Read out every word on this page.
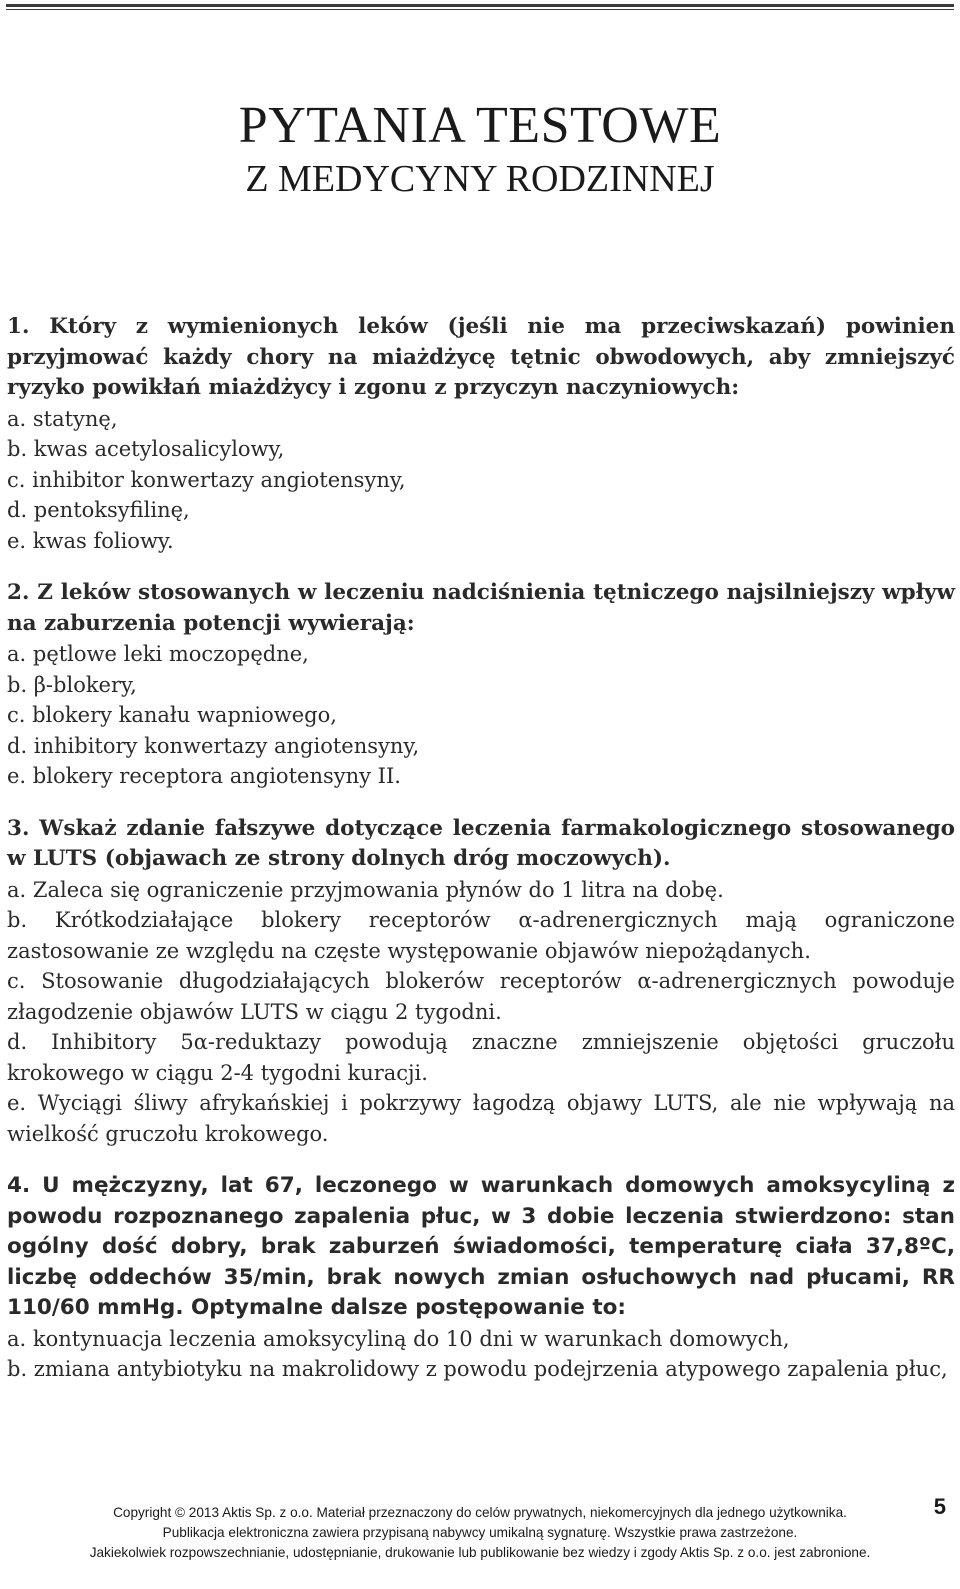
PYTANIA TESTOWE
Z MEDYCYNY RODZINNEJ
1. Który z wymienionych leków (jeśli nie ma przeciwskazań) powinien przyjmować każdy chory na miażdżycę tętnic obwodowych, aby zmniejszyć ryzyko powikłań miażdżycy i zgonu z przyczyn naczyniowych:
a. statynę,
b. kwas acetylosalicylowy,
c. inhibitor konwertazy angiotensyny,
d. pentoksyfilinę,
e. kwas foliowy.
2. Z leków stosowanych w leczeniu nadciśnienia tętniczego najsilniejszy wpływ na zaburzenia potencji wywierają:
a. pętlowe leki moczopędne,
b. β-blokery,
c. blokery kanału wapniowego,
d. inhibitory konwertazy angiotensyny,
e. blokery receptora angiotensyny II.
3. Wskaż zdanie fałszywe dotyczące leczenia farmakologicznego stosowanego w LUTS (objawach ze strony dolnych dróg moczowych).
a. Zaleca się ograniczenie przyjmowania płynów do 1 litra na dobę.
b. Krótkodziałające blokery receptorów α-adrenergicznych mają ograniczone zastosowanie ze względu na częste występowanie objawów niepożądanych.
c. Stosowanie długodziałających blokerów receptorów α-adrenergicznych powoduje złagodzenie objawów LUTS w ciągu 2 tygodni.
d. Inhibitory 5α-reduktazy powodują znaczne zmniejszenie objętości gruczołu krokowego w ciągu 2-4 tygodni kuracji.
e. Wyciągi śliwy afrykańskiej i pokrzywy łagodzą objawy LUTS, ale nie wpływają na wielkość gruczołu krokowego.
4. U mężczyzny, lat 67, leczonego w warunkach domowych amoksycyliną z powodu rozpoznanego zapalenia płuc, w 3 dobie leczenia stwierdzono: stan ogólny dość dobry, brak zaburzeń świadomości, temperaturę ciała 37,8ºC, liczbę oddechów 35/min, brak nowych zmian osłuchowych nad płucami, RR 110/60 mmHg. Optymalne dalsze postępowanie to:
a. kontynuacja leczenia amoksycyliną do 10 dni w warunkach domowych,
b. zmiana antybiotyku na makrolidowy z powodu podejrzenia atypowego zapalenia płuc,
5

Copyright © 2013 Aktis Sp. z o.o. Materiał przeznaczony do celów prywatnych, niekomercyjnych dla jednego użytkownika.

Publikacja elektroniczna zawiera przypisaną nabywcy umikalną sygnaturę. Wszystkie prawa zastrzeżone.

Jakiekolwiek rozpowszechnianie, udostępnianie, drukowanie lub publikowanie bez wiedzy i zgody Aktis Sp. z o.o. jest zabronione.
